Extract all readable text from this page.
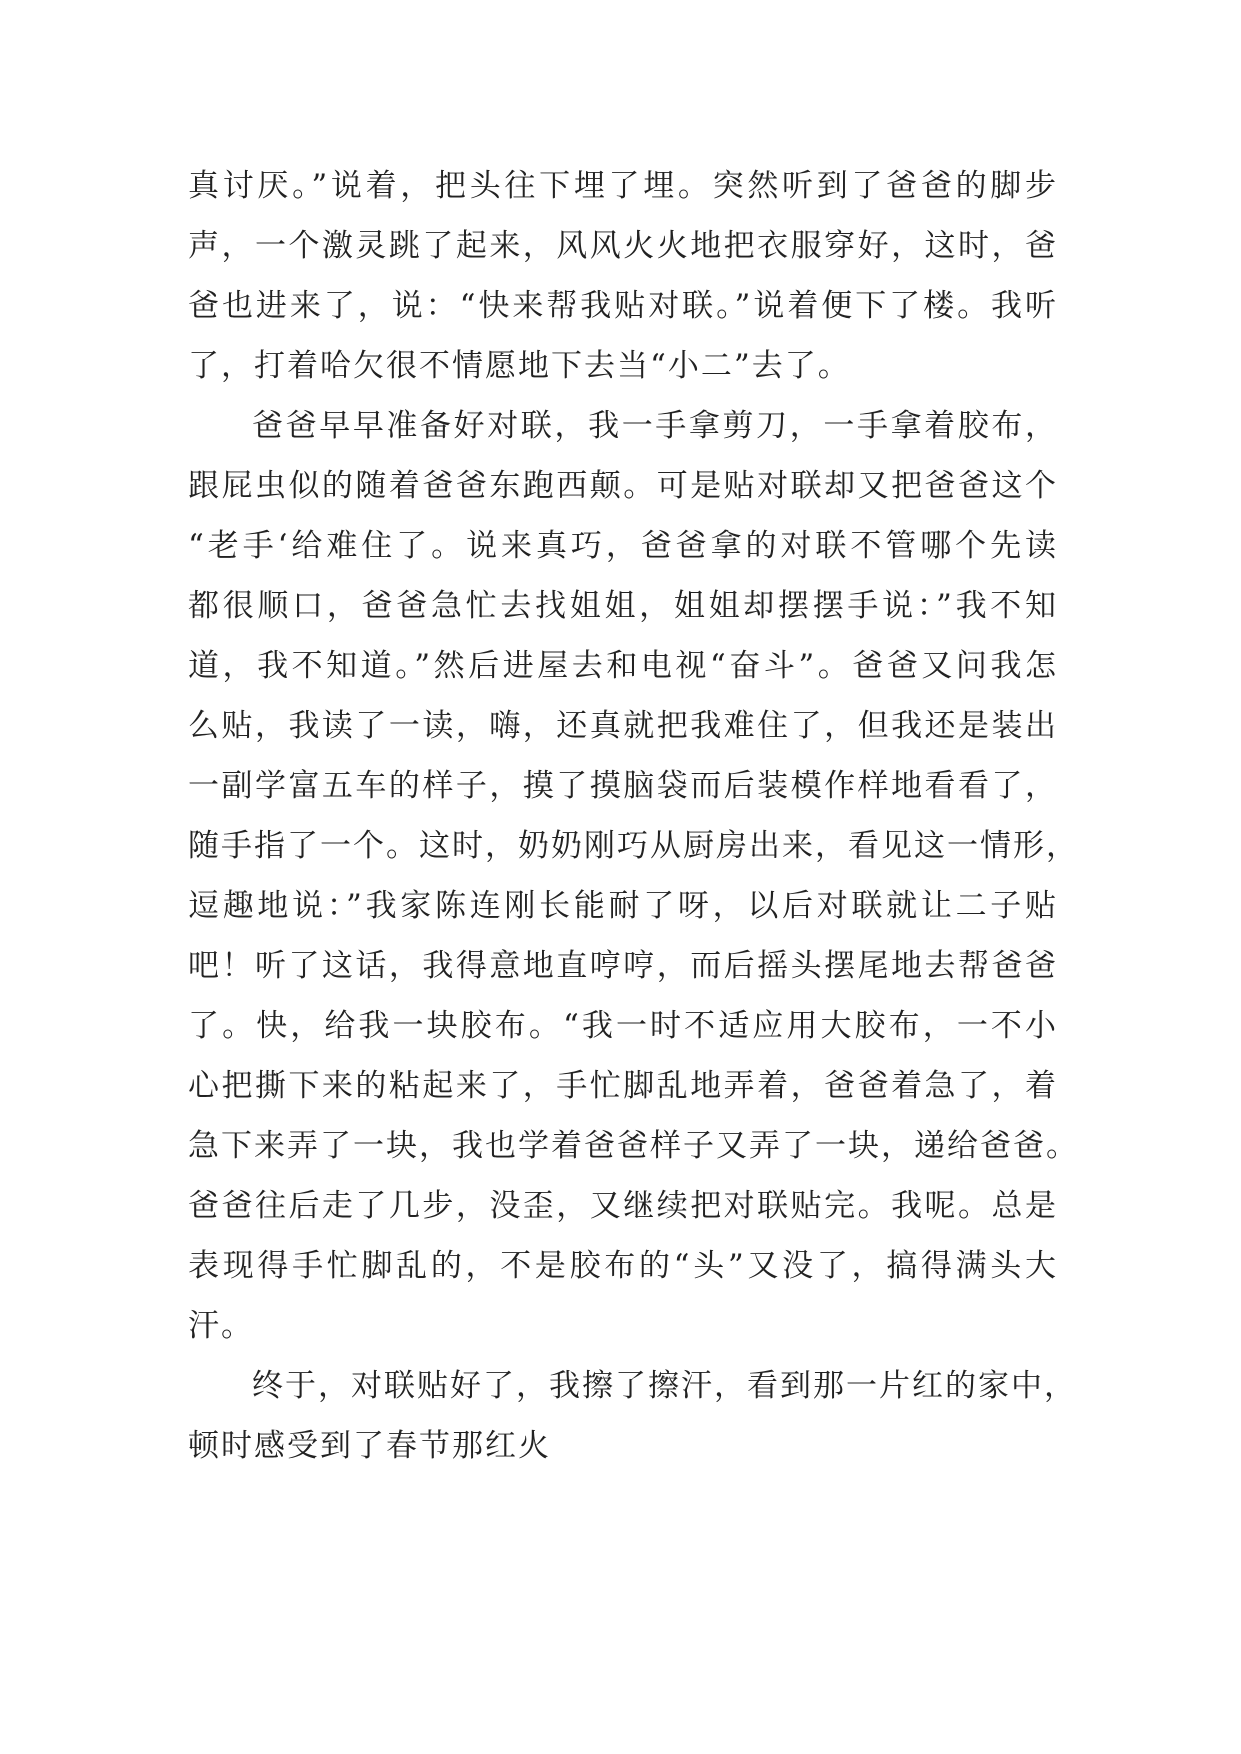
真讨厌。”说着，把头往下埋了埋。突然听到了爸爸的脚步
声，一个激灵跳了起来，风风火火地把衣服穿好，这时，爸
爸也进来了，说：“快来帮我贴对联。”说着便下了楼。我听
了，打着哈欠很不情愿地下去当“小二”去了。
爸爸早早准备好对联，我一手拿剪刀，一手拿着胶布，
跟屁虫似的随着爸爸东跑西颠。可是贴对联却又把爸爸这个
“老手‘给难住了。说来真巧，爸爸拿的对联不管哪个先读
都很顺口，爸爸急忙去找姐姐，姐姐却摆摆手说：”我不知
道，我不知道。”然后进屋去和电视“奋斗”。爸爸又问我怎
么贴，我读了一读，嗨，还真就把我难住了，但我还是装出
一副学富五车的样子，摸了摸脑袋而后装模作样地看看了，
随手指了一个。这时，奶奶刚巧从厨房出来，看见这一情形，
逗趣地说：”我家陈连刚长能耐了呀，以后对联就让二子贴
吧！听了这话，我得意地直哼哼，而后摇头摆尾地去帮爸爸
了。快，给我一块胶布。“我一时不适应用大胶布，一不小
心把撕下来的粘起来了，手忙脚乱地弄着，爸爸着急了，着
急下来弄了一块，我也学着爸爸样子又弄了一块，递给爸爸。
爸爸往后走了几步，没歪，又继续把对联贴完。我呢。总是
表现得手忙脚乱的，不是胶布的“头”又没了，搞得满头大
汗。
终于，对联贴好了，我擦了擦汗，看到那一片红的家中，
顿时感受到了春节那红火
